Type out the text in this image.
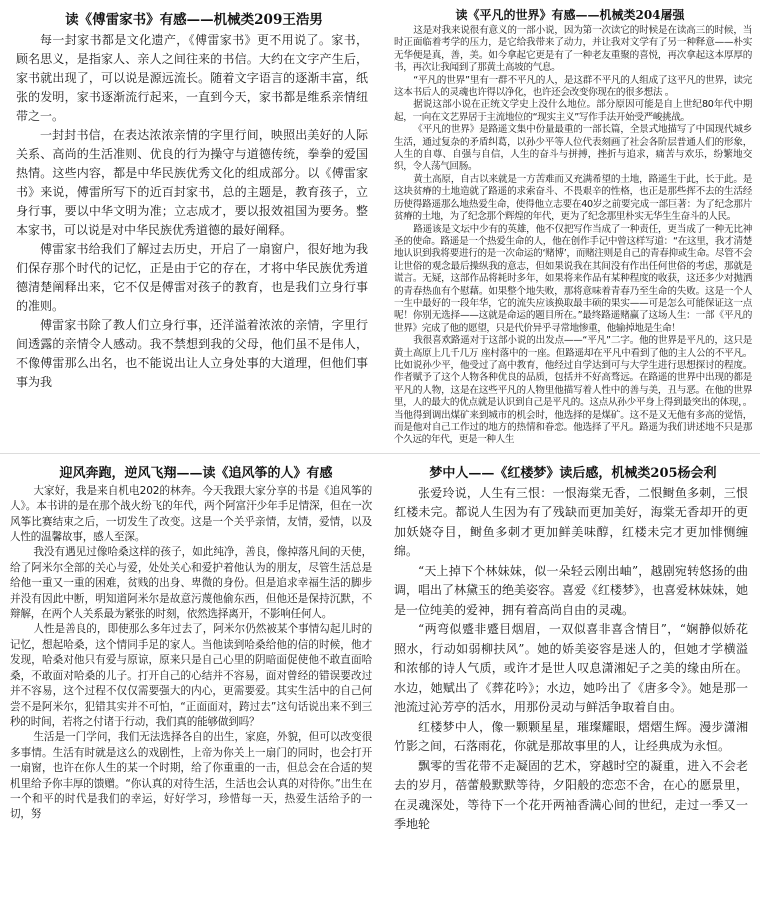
读《傅雷家书》有感——机械类209王浩男

每一封家书都是文化遗产，《傅雷家书》更不用说了。家书，顾名思义，是指家人、亲人之间往来的书信。大约在文字产生后，家书就出现了，可以说是源远流长。随着文字语言的逐渐丰富，纸张的发明，家书逐渐流行起来，一直到今天，家书都是维系亲情纽带之一。

一封封书信，在表达浓浓亲情的字里行间，映照出美好的人际关系、高尚的生活准则、优良的行为操守与道德传统，拳拳的爱国热情。这些内容，都是中华民族优秀文化的组成部分。以《傅雷家书》来说，傅雷所写下的近百封家书，总的主题是，教育孩子，立身行事，要以中华文明为准；立志成才，要以报效祖国为要务。整本家书，可以说是对中华民族优秀道德的最好阐释。

傅雷家书给我们了解过去历史，开启了一扇窗户，很好地为我们保存那个时代的记忆，正是由于它的存在，才将中华民族优秀道德清楚阐释出来，它不仅是傅雷对孩子的教育，也是我们立身行事的准则。

傅雷家书除了教人们立身行事，还洋溢着浓浓的亲情，字里行间透露的亲情令人感动。我不禁想到我的父母，他们虽不是伟人，不像傅雷那么出名，也不能说出让人立身处事的大道理，但他们事事为我

读《平凡的世界》有感——机械类204屠强

这是对我来说很有意义的一部小说，因为第一次读它的时候是在读高三的时候，当时正面临着考学的压力，是它给我带来了动力，并让我对文学有了另一种释意——朴实无华便是真，善，美。如今拿起它更是有了一种老友重聚的喜悦，再次拿起这本厚厚的书，再次让我闻到了那黄土高坡的气息。

“平凡的世界”里有一群不平凡的人，是这群不平凡的人组成了这平凡的世界，读完这本书后人的灵魂也许得以净化，也许还会改变你现在的很多想法 。

据说这部小说在正统文学史上没什么地位。部分原因可能是自上世纪80年代中期起，一向在文艺界居于主流地位的“现实主义”写作手法开始受严峻挑战。

《平凡的世界》是路遥文集中份量最重的一部长篇，全景式地描写了中国现代城乡生活，通过复杂的矛盾纠葛，以孙少平等人位代表刻画了社会各阶层普通人们的形象，人生的自尊、自强与自信，人生的奋斗与拼搏，挫折与追求，痛苦与欢乐，纷繁地交织，令人荡气回肠。

黄土高原，自古以来就是一方苦难而又充满希望的土地，路遥生于此，长于此。是这块贫瘠的土地造就了路遥的求索奋斗、不畏艰辛的性格，也正是那些挥不去的生活经历使得路遥那么地热爱生命，使得他立志要在40岁之前要完成一部巨著：为了纪念那片贫瘠的土地，为了纪念那个辉煌的年代，更为了纪念那里朴实无华生生奋斗的人民。

路遥该是文坛中少有的英雄，他不仅把写作当成了一种责任，更当成了一种无比神圣的使命。路遥是一个热爱生命的人，他在创作手记中曾这样写道：“在这里，我才清楚地认识到我将要进行的是一次命运的‘赌博’，而赌注则是自己的青春抑或生命。尽管不会让世俗的观念最后操纵我的意志，但如果说我在其间没有作出任何世俗的考虑，那就是谎言。无疑，这部作品将耗时多年，如果将来作品有某种程度的收获，这还多少对抛洒的青春热血有个慰藉。如果整个地失败，那将意味着青春乃至生命的失败。这是一个人一生中最好的一段年华，它的流失应该换取最丰硕的果实——可是怎么可能保证这一点呢！你别无选择——这就是命运的题目所在。”最终路遥赌赢了这场人生：一部《平凡的世界》完成了他的愿望，只是代价异乎寻常地惨重，他输掉地是生命！

我很喜欢路遥对于这部小说的出发点——“平凡”二字。他的世界是平凡的，这只是黄土高原上几千几万 座村落中的一座。但路遥却在平凡中看到了他的主人公的不平凡。比如说孙少平，他受过了高中教育，他经过自学达到可与大学生进行思想探讨的程度。作者赋予了这个人物各种优良的品质，包括并不好高骛远。在路遥的世界中出现的都是平凡的人物，这是在这些平凡的人物里他描写着人性中的善与美，丑与恶。在他的世界里，人的最大的优点就是认识到自己是平凡的。这点从孙少平身上得到最突出的体现，。当他得到调出煤矿来到城市的机会时，他选择的是煤矿。这不是又无他有多高的觉悟，而是他对自己工作过的地方的热情和眷恋。他选择了平凡。路遥为我们讲述地不只是那个久远的年代，更是一种人生

迎风奔跑，逆风飞翔——读《追风筝的人》有感

大家好，我是来自机电202的林奔。今天我跟大家分享的书是《追风筝的人》。本书讲的是在那个战火纷飞的年代，两个阿富汗少年手足情深，但在一次风筝比赛结束之后，一切发生了改变。这是一个关乎亲情，友情，爱情，以及人性的温馨故事，感人至深。

我没有遇见过像哈桑这样的孩子，如此纯净，善良，像掉落凡间的天使，给了阿米尔全部的关心与爱，处处关心和爱护着他认为的朋友，尽管生活总是给他一重又一重的困难，贫贱的出身、卑微的身份。但是追求幸福生活的脚步并没有因此中断，明知道阿米尔是故意污蔑他偷东西，但他还是保持沉默，不辩解，在两个人关系最为紧张的时刻，依然选择离开，不影响任何人。

人性是善良的，即使那么多年过去了，阿米尔仍然被某个事情勾起儿时的记忆，想起哈桑，这个情同手足的家人。当他读到哈桑给他的信的时候，他才发现，哈桑对他只有爱与原谅，原来只是自己心里的阴暗面促使他不敢直面哈桑，不敢面对哈桑的儿子。打开自己的心结并不容易，面对曾经的错误要改过并不容易，这个过程不仅仅需要强大的内心，更需要爱。其实生活中的自己何尝不是阿米尔，犯错其实并不可怕，“正面面对，跨过去”这句话说出来不到三秒的时间，若将之付诸于行动，我们真的能够做到吗？

生活是一门学问，我们无法选择各自的出生，家庭，外貌，但可以改变很多事情。生活有时就是这么的戏剧性，上帝为你关上一扇门的同时，也会打开一扇窗，也许在你人生的某一个时期，给了你重重的一击，但总会在合适的契机里给予你丰厚的馈赠。“你认真的对待生活，生活也会认真的对待你。”出生在一个和平的时代是我们的幸运，好好学习，珍惜每一天，热爱生活给予的一切，努

梦中人——《红楼梦》读后感，机械类205杨会利

张爱玲说，人生有三恨：一恨海棠无香，二恨鲥鱼多刺，三恨红楼未完。都说人生因为有了残缺而更加美好，海棠无香却开的更加妖娆夺目，鲥鱼多刺才更加鲜美味醇，红楼未完才更加悱恻缠绵。

“天上掉下个林妹妹，似一朵轻云刚出岫”，越剧宛转悠扬的曲调，唱出了林黛玉的绝美姿容。喜爱《红楼梦》，也喜爱林妹妹，她是一位纯美的爱神，拥有着高尚自由的灵魂。

“两弯似蹙非蹙目烟眉，一双似喜非喜含情目”，“娴静似娇花照水，行动如弱柳扶风”。她的娇美姿容是迷人的，但她才学横溢和浓郁的诗人气质，或许才是世人叹息潇湘妃子之美的缘由所在。水边，她赋出了《葬花吟》；水边，她吟出了《唐多令》。她是那一池流过沁芳亭的活水，用那份灵动与鲜活争取着自由。

红楼梦中人，像一颗颗星星，璀璨耀眼，熠熠生辉。漫步潇湘竹影之间，石落雨花，你就是那故事里的人，让经典成为永恒。

飘零的雪花带不走凝固的艺术，穿越时空的凝重，进入不会老去的岁月，蓓蕾般默默等待，夕阳般的恋恋不舍，在心的愿景里，在灵魂深处，等待下一个花开两袖香满心间的世纪，走过一季又一季地轮
